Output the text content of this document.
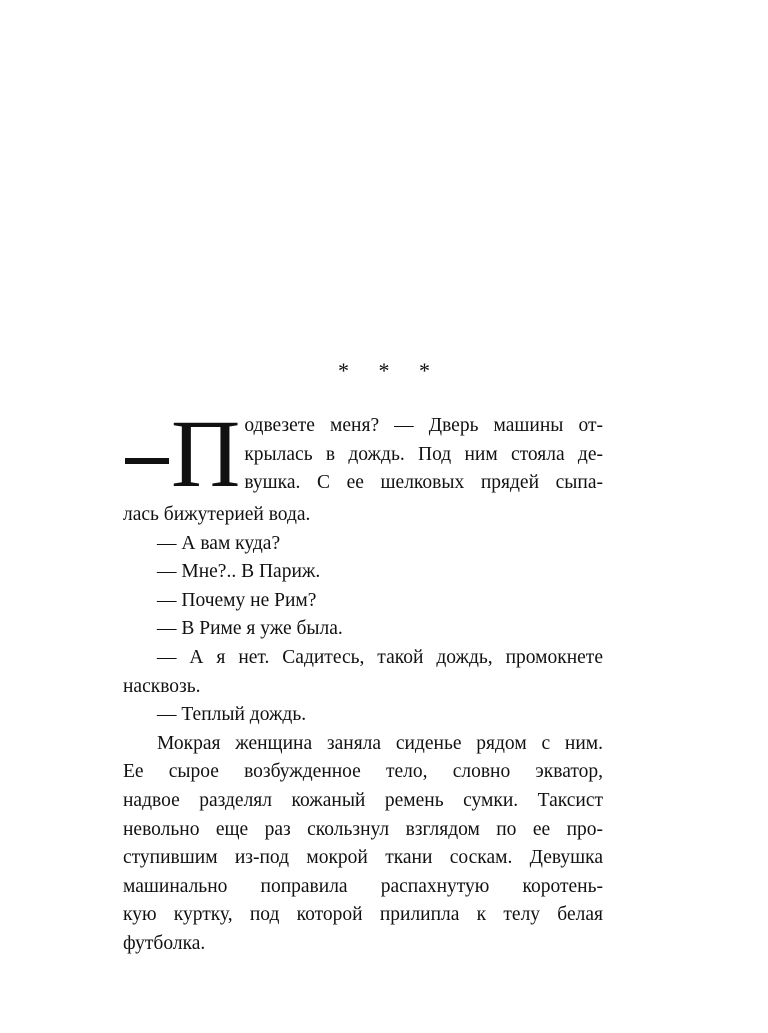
* * *
П одвезете меня? — Дверь машины от-
крылась в дождь. Под ним стояла де-
вушка. С ее шелковых прядей сыпа-
лась бижутерией вода.

— А вам куда?

— Мне?.. В Париж.

— Почему не Рим?

— В Риме я уже была.

— А я нет. Садитесь, такой дождь, промокнете
насквозь.

— Теплый дождь.

Мокрая женщина заняла сиденье рядом с ним.
Ее сырое возбужденное тело, словно экватор,
надвое разделял кожаный ремень сумки. Таксист
невольно еще раз скользнул взглядом по ее про-
ступившим из-под мокрой ткани соскам. Девушка
машинально поправила распахнутую коротень-
кую куртку, под которой прилипла к телу белая
футболка.
